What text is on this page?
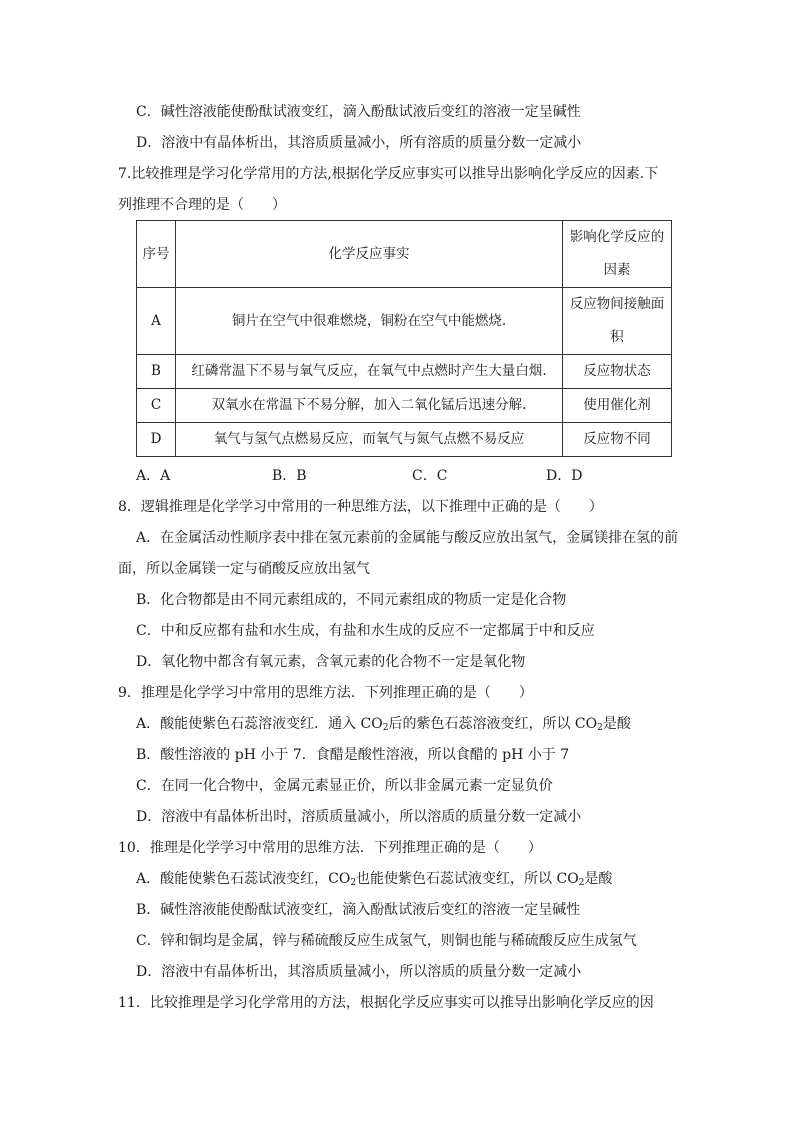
C．碱性溶液能使酚酞试液变红，滴入酚酞试液后变红的溶液一定呈碱性
D．溶液中有晶体析出，其溶质质量减小，所有溶质的质量分数一定减小
7.比较推理是学习化学常用的方法,根据化学反应事实可以推导出影响化学反应的因素.下
列推理不合理的是（　　）
序号	化学反应事实	影响化学反应的
因素
A	铜片在空气中很难燃烧，铜粉在空气中能燃烧.	反应物间接触面
积
B	红磷常温下不易与氧气反应，在氧气中点燃时产生大量白烟.	反应物状态
C	双氧水在常温下不易分解，加入二氧化锰后迅速分解.	使用催化剂
D	氧气与氢气点燃易反应，而氧气与氮气点燃不易反应	反应物不同
A．A	B．B	C．C	D．D
8．逻辑推理是化学学习中常用的一种思维方法，以下推理中正确的是（　　）
A．在金属活动性顺序表中排在氢元素前的金属能与酸反应放出氢气，金属镁排在氢的前
面，所以金属镁一定与硝酸反应放出氢气
B．化合物都是由不同元素组成的，不同元素组成的物质一定是化合物
C．中和反应都有盐和水生成，有盐和水生成的反应不一定都属于中和反应
D．氧化物中都含有氧元素，含氧元素的化合物不一定是氧化物
9．推理是化学学习中常用的思维方法．下列推理正确的是（　　）
A．酸能使紫色石蕊溶液变红．通入 $CO_2$后的紫色石蕊溶液变红，所以 $CO_2$是酸
B．酸性溶液的 pH 小于 7．食醋是酸性溶液，所以食醋的 pH 小于 7
C．在同一化合物中，金属元素显正价，所以非金属元素一定显负价
D．溶液中有晶体析出时，溶质质量减小，所以溶质的质量分数一定减小
10．推理是化学学习中常用的思维方法．下列推理正确的是（　　）
A．酸能使紫色石蕊试液变红，$CO_2$也能使紫色石蕊试液变红，所以 $CO_2$是酸
B．碱性溶液能使酚酞试液变红，滴入酚酞试液后变红的溶液一定呈碱性
C．锌和铜均是金属，锌与稀硫酸反应生成氢气，则铜也能与稀硫酸反应生成氢气
D．溶液中有晶体析出，其溶质质量减小，所以溶质的质量分数一定减小
11．比较推理是学习化学常用的方法，根据化学反应事实可以推导出影响化学反应的因
